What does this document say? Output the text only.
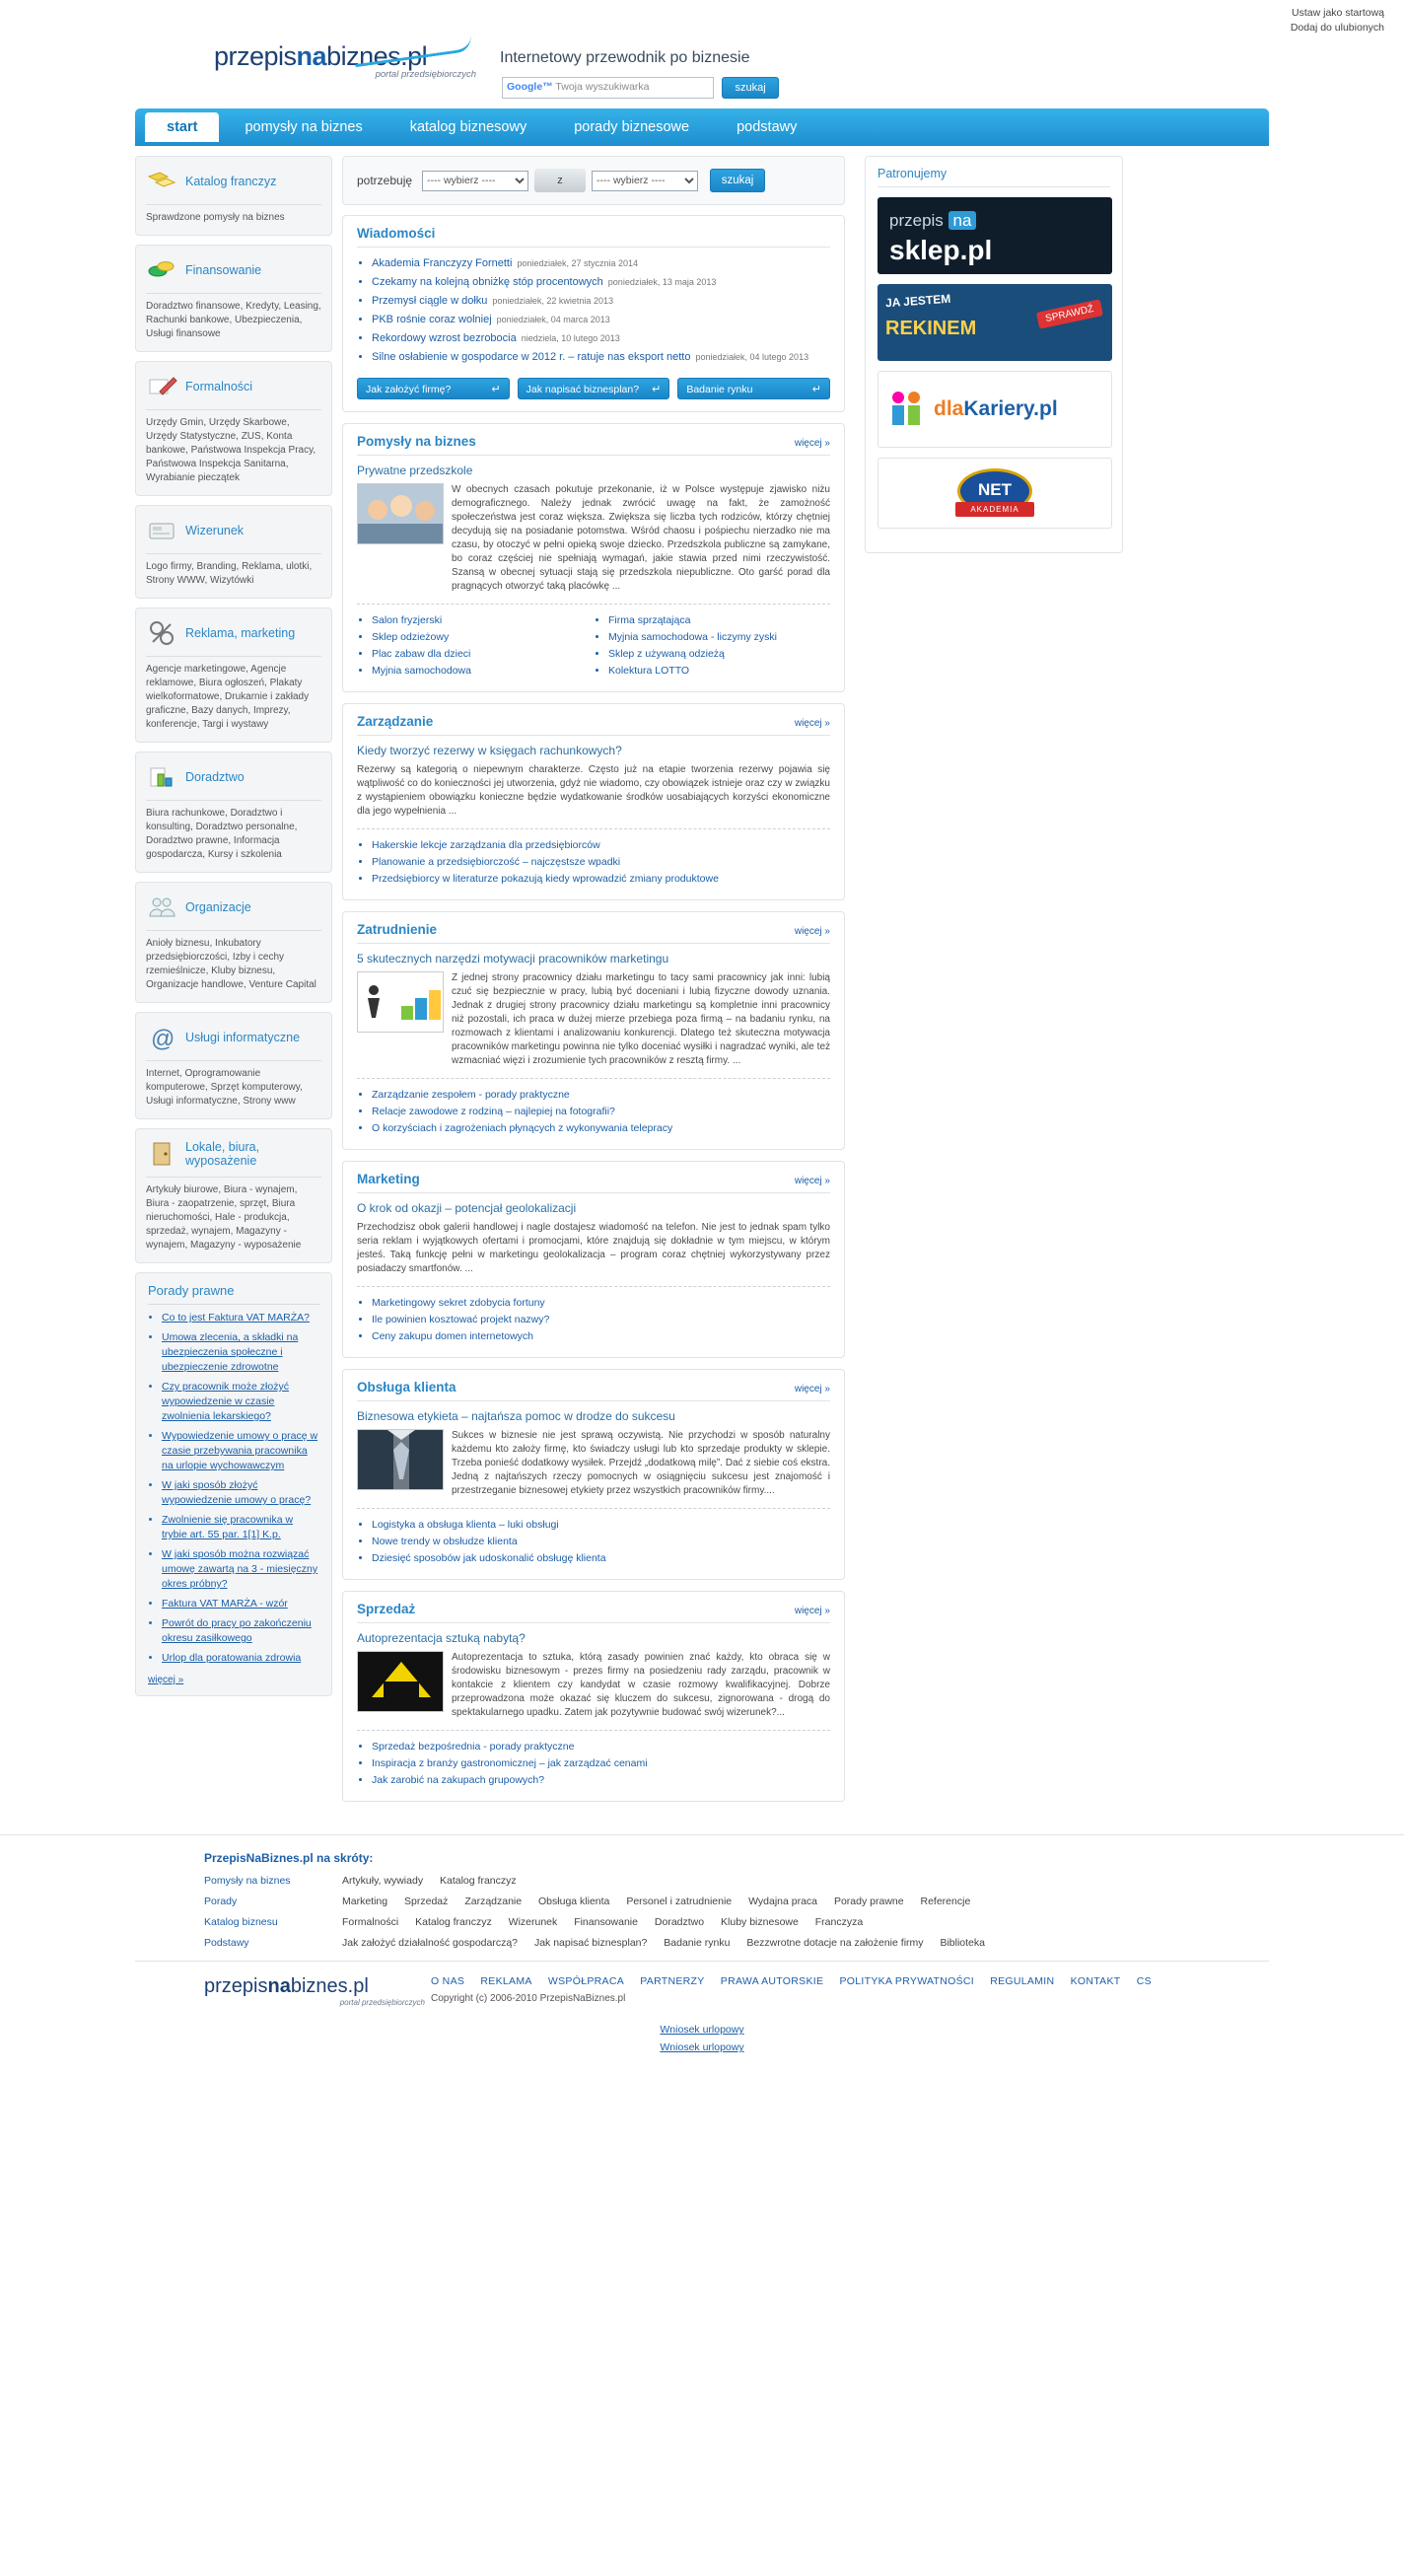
Ustaw jako startową
Dodaj do ulubionych
przepisnabiznes.pl
portal przedsiębiorczych
Internetowy przewodnik po biznesie
Google™ Twoja wyszukiwarka	szukaj
start	pomysły na biznes	katalog biznesowy	porady biznesowe	podstawy
Katalog franczyz
Sprawdzone pomysły na biznes
Finansowanie
Doradztwo finansowe, Kredyty, Leasing, Rachunki bankowe, Ubezpieczenia, Usługi finansowe
Formalności
Urzędy Gmin, Urzędy Skarbowe, Urzędy Statystyczne, ZUS, Konta bankowe, Państwowa Inspekcja Pracy, Państwowa Inspekcja Sanitarna, Wyrabianie pieczątek
Wizerunek
Logo firmy, Branding, Reklama, ulotki, Strony WWW, Wizytówki
Reklama, marketing
Agencje marketingowe, Agencje reklamowe, Biura ogłoszeń, Plakaty wielkoformatowe, Drukarnie i zakłady graficzne, Bazy danych, Imprezy, konferencje, Targi i wystawy
Doradztwo
Biura rachunkowe, Doradztwo i konsulting, Doradztwo personalne, Doradztwo prawne, Informacja gospodarcza, Kursy i szkolenia
Organizacje
Anioły biznesu, Inkubatory przedsiębiorczości, Izby i cechy rzemieślnicze, Kluby biznesu, Organizacje handlowe, Venture Capital
@ Usługi informatyczne
Internet, Oprogramowanie komputerowe, Sprzęt komputerowy, Usługi informatyczne, Strony www
Lokale, biura, wyposażenie
Artykuły biurowe, Biura - wynajem, Biura - zaopatrzenie, sprzęt, Biura nieruchomości, Hale - produkcja, sprzedaż, wynajem, Magazyny - wynajem, Magazyny - wyposażenie
Porady prawne
• Co to jest Faktura VAT MARŻA?
• Umowa zlecenia, a składki na ubezpieczenia społeczne i ubezpieczenie zdrowotne
• Czy pracownik może złożyć wypowiedzenie w czasie zwolnienia lekarskiego?
• Wypowiedzenie umowy o pracę w czasie przebywania pracownika na urlopie wychowawczym
• W jaki sposób złożyć wypowiedzenie umowy o pracę?
• Zwolnienie się pracownika w trybie art. 55 par. 1[1] K.p.
• W jaki sposób można rozwiązać umowę zawartą na 3 - miesięczny okres próbny?
• Faktura VAT MARŻA - wzór
• Powrót do pracy po zakończeniu okresu zasiłkowego
• Urlop dla poratowania zdrowia
więcej »
potrzebuję
---- wybierz ----	z
---- wybierz ----	szukaj
Wiadomości
• Akademia Franczyzy Fornetti poniedziałek, 27 stycznia 2014
• Czekamy na kolejną obniżkę stóp procentowych poniedziałek, 13 maja 2013
• Przemysł ciągle w dołku poniedziałek, 22 kwietnia 2013
• PKB rośnie coraz wolniej poniedziałek, 04 marca 2013
• Rekordowy wzrost bezrobocia niedziela, 10 lutego 2013
• Silne osłabienie w gospodarce w 2012 r. – ratuje nas eksport netto poniedziałek, 04 lutego 2013
Jak założyć firmę?	↵	Jak napisać biznesplan? ↵	Badanie rynku	↵
Pomysły na biznes	więcej »
Prywatne przedszkole
W obecnych czasach pokutuje przekonanie, iż w Polsce występuje zjawisko niżu demograficznego. Należy jednak zwrócić uwagę na fakt, że zamożność społeczeństwa jest coraz większa. Zwiększa się liczba tych rodziców, którzy chętniej decydują się na posiadanie potomstwa. Wśród chaosu i pośpiechu nierzadko nie ma czasu, by otoczyć w pełni opieką swoje dziecko. Przedszkola publiczne są zamykane, bo coraz częściej nie spełniają wymagań, jakie stawia przed nimi rzeczywistość. Szansą w obecnej sytuacji stają się przedszkola niepubliczne. Oto garść porad dla pragnących otworzyć taką placówkę ...
• Salon fryzjerski
• Sklep odzieżowy
• Plac zabaw dla dzieci
• Myjnia samochodowa
• Firma sprzątająca
• Myjnia samochodowa - liczymy zyski
• Sklep z używaną odzieżą
• Kolektura LOTTO
Zarządzanie	więcej »
Kiedy tworzyć rezerwy w księgach rachunkowych?
Rezerwy są kategorią o niepewnym charakterze. Często już na etapie tworzenia rezerwy pojawia się wątpliwość co do konieczności jej utworzenia, gdyż nie wiadomo, czy obowiązek istnieje oraz czy w związku z wystąpieniem obowiązku konieczne będzie wydatkowanie środków uosabiających korzyści ekonomiczne dla jego wypełnienia ...
• Hakerskie lekcje zarządzania dla przedsiębiorców
• Planowanie a przedsiębiorczość – najczęstsze wpadki
• Przedsiębiorcy w literaturze pokazują kiedy wprowadzić zmiany produktowe
Zatrudnienie	więcej »
5 skutecznych narzędzi motywacji pracowników marketingu
Z jednej strony pracownicy działu marketingu to tacy sami pracownicy jak inni: lubią czuć się bezpiecznie w pracy, lubią być doceniani i lubią fizyczne dowody uznania. Jednak z drugiej strony pracownicy działu marketingu są kompletnie inni pracownicy niż pozostali, ich praca w dużej mierze przebiega poza firmą – na badaniu rynku, na rozmowach z klientami i analizowaniu konkurencji. Dlatego też skuteczna motywacja pracowników marketingu powinna nie tylko doceniać wysiłki i nagradzać wyniki, ale też wzmacniać więzi i zrozumienie tych pracowników z resztą firmy. ...
• Zarządzanie zespołem - porady praktyczne
• Relacje zawodowe z rodziną – najlepiej na fotografii?
• O korzyściach i zagrożeniach płynących z wykonywania telepracy
Marketing	więcej »
O krok od okazji – potencjał geolokalizacji
Przechodzisz obok galerii handlowej i nagle dostajesz wiadomość na telefon. Nie jest to jednak spam tylko seria reklam i wyjątkowych ofertami i promocjami, które znajdują się dokładnie w tym miejscu, w którym jesteś. Taką funkcję pełni w marketingu geolokalizacja – program coraz chętniej wykorzystywany przez posiadaczy smartfonów. ...
• Marketingowy sekret zdobycia fortuny
• Ile powinien kosztować projekt nazwy?
• Ceny zakupu domen internetowych
Obsługa klienta	więcej »
Biznesowa etykieta – najtańsza pomoc w drodze do sukcesu
Sukces w biznesie nie jest sprawą oczywistą. Nie przychodzi w sposób naturalny każdemu kto założy firmę, kto świadczy usługi lub kto sprzedaje produkty w sklepie. Trzeba ponieść dodatkowy wysiłek. Przejdź „dodatkową milę”. Dać z siebie coś ekstra. Jedną z najtańszych rzeczy pomocnych w osiągnięciu sukcesu jest znajomość i przestrzeganie biznesowej etykiety przez wszystkich pracowników firmy....
• Logistyka a obsługa klienta – luki obsługi
• Nowe trendy w obsłudze klienta
• Dziesięć sposobów jak udoskonalić obsługę klienta
Sprzedaż	więcej »
Autoprezentacja sztuką nabytą?
Autoprezentacja to sztuka, którą zasady powinien znać każdy, kto obraca się w środowisku biznesowym - prezes firmy na posiedzeniu rady zarządu, pracownik w kontakcie z klientem czy kandydat w czasie rozmowy kwalifikacyjnej. Dobrze przeprowadzona może okazać się kluczem do sukcesu, zignorowana - drogą do spektakularnego upadku. Zatem jak pozytywnie budować swój wizerunek?...
• Sprzedaż bezpośrednia - porady praktyczne
• Inspiracja z branży gastronomicznej – jak zarządzać cenami
• Jak zarobić na zakupach grupowych?
Patronujemy
przepis na
sklep.pl
JA JESTEM
REKINEM
SPRAWDŹ
dlaKariery.pl
NET
AKADEMIA
PrzepisNaBiznes.pl na skróty:
Pomysły na biznes	Artykuły, wywiady Katalog franczyz
Porady	Marketing Sprzedaż Zarządzanie Obsługa klienta Personel i zatrudnienie Wydajna praca Porady prawne Referencje
Katalog biznesu	Formalności Katalog franczyz Wizerunek Finansowanie Doradztwo Kluby biznesowe Franczyza
Podstawy	Jak założyć działalność gospodarczą? Jak napisać biznesplan? Badanie rynku Bezzwrotne dotacje na założenie firmy Biblioteka
przepisnabiznes.pl
portal przedsiębiorczych
O NAS REKLAMA WSPÓŁPRACA PARTNERZY PRAWA AUTORSKIE POLITYKA PRYWATNOŚCI REGULAMIN KONTAKT CS
Copyright (c) 2006-2010 PrzepisNaBiznes.pl
Wniosek urlopowy
Wniosek urlopowy
